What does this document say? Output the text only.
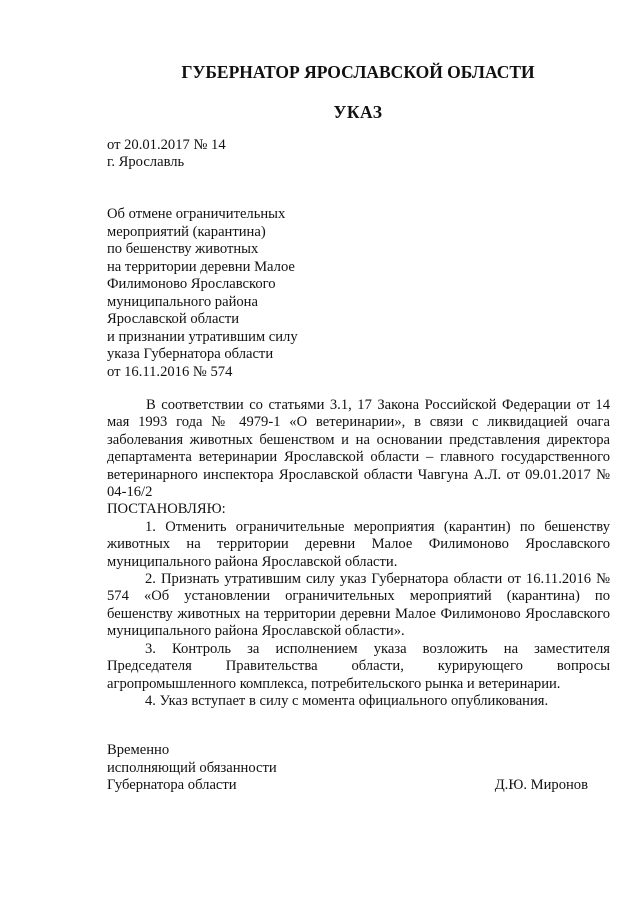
ГУБЕРНАТОР ЯРОСЛАВСКОЙ ОБЛАСТИ
УКАЗ
от 20.01.2017 № 14
г. Ярославль
Об отмене ограничительных
мероприятий (карантина)
по бешенству животных
на территории деревни Малое
Филимоново Ярославского
муниципального района
Ярославской области
и признании утратившим силу
указа Губернатора области
от 16.11.2016 № 574

В соответствии со статьями 3.1, 17 Закона Российской Федерации от 14 мая 1993 года № 4979-1 «О ветеринарии», в связи с ликвидацией очага заболевания животных бешенством и на основании представления директора департамента ветеринарии Ярославской области – главного государственного ветеринарного инспектора Ярославской области Чавгуна А.Л. от 09.01.2017 № 04-16/2

ПОСТАНОВЛЯЮ:

1. Отменить ограничительные мероприятия (карантин) по бешенству животных на территории деревни Малое Филимоново Ярославского муниципального района Ярославской области.

2. Признать утратившим силу указ Губернатора области от 16.11.2016 № 574 «Об установлении ограничительных мероприятий (карантина) по бешенству животных на территории деревни Малое Филимоново Ярославского муниципального района Ярославской области».

3. Контроль за исполнением указа возложить на заместителя Председателя Правительства области, курирующего вопросы агропромышленного комплекса, потребительского рынка и ветеринарии.

4. Указ вступает в силу с момента официального опубликования.

Временно
исполняющий обязанности
Губернатора области	Д.Ю. Миронов
